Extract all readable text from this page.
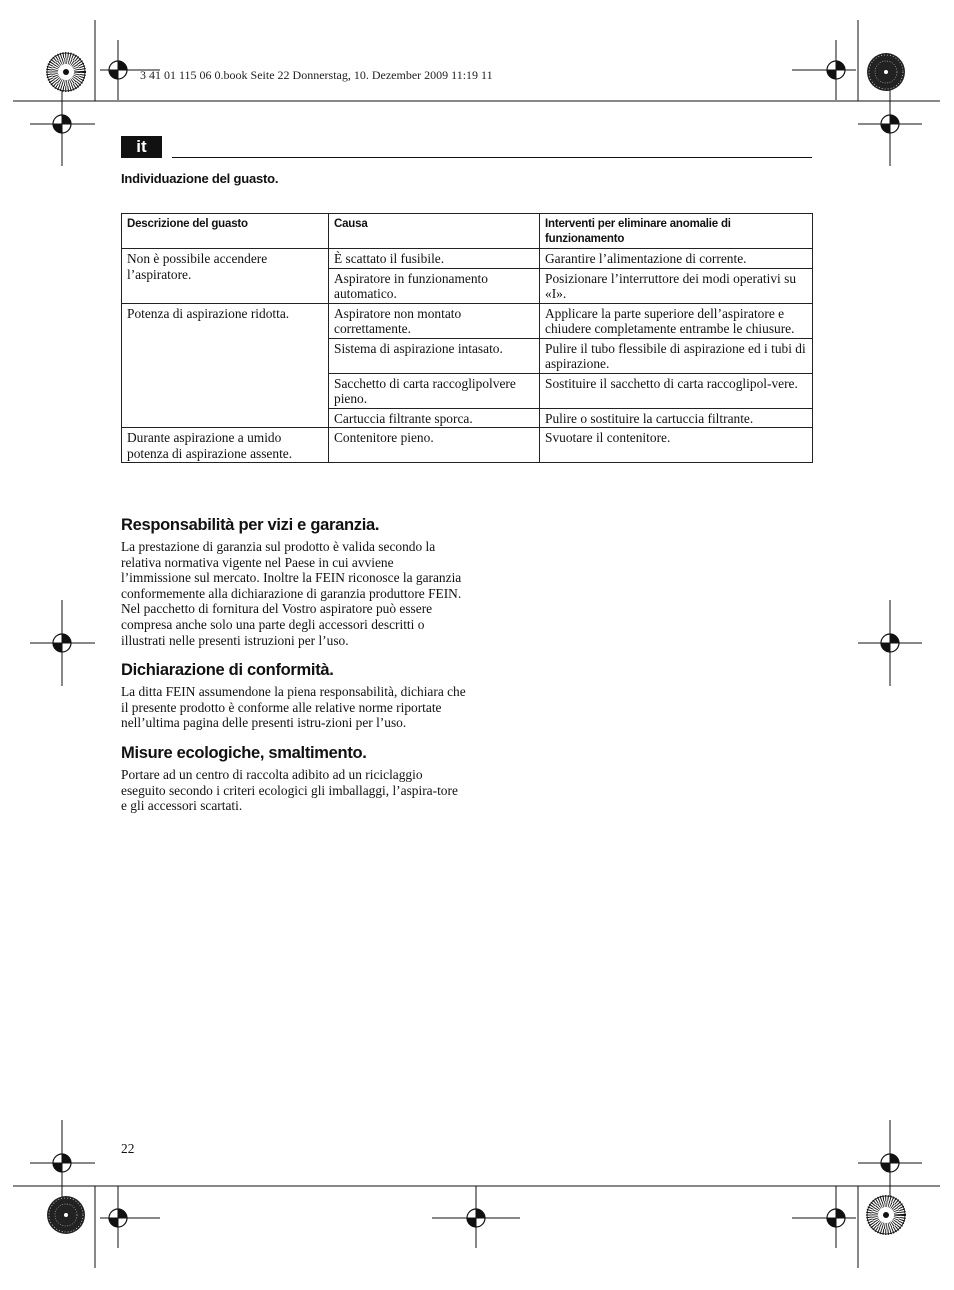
3 41 01 115 06 0.book Seite 22 Donnerstag, 10. Dezember 2009 11:19 11
it
Individuazione del guasto.
Descrizione del guasto	Causa	Interventi per eliminare anomalie di funzionamento
Non è possibile accendere l’aspiratore.	È scattato il fusibile.	Garantire l’alimentazione di corrente.
	Aspiratore in funzionamento automatico.	Posizionare l’interruttore dei modi operativi su «I».
Potenza di aspirazione ridotta.	Aspiratore non montato correttamente.	Applicare la parte superiore dell’aspiratore e chiudere completamente entrambe le chiusure.
	Sistema di aspirazione intasato.	Pulire il tubo flessibile di aspirazione ed i tubi di aspirazione.
	Sacchetto di carta raccoglipolvere pieno.	Sostituire il sacchetto di carta raccoglipol-vere.
	Cartuccia filtrante sporca.	Pulire o sostituire la cartuccia filtrante.
Durante aspirazione a umido potenza di aspirazione assente.	Contenitore pieno.	Svuotare il contenitore.
Responsabilità per vizi e garanzia.

La prestazione di garanzia sul prodotto è valida secondo la relativa normativa vigente nel Paese in cui avviene l’immissione sul mercato. Inoltre la FEIN riconosce la garanzia conformemente alla dichiarazione di garanzia produttore FEIN.

Nel pacchetto di fornitura del Vostro aspiratore può essere compresa anche solo una parte degli accessori descritti o illustrati nelle presenti istruzioni per l’uso.

Dichiarazione di conformità.

La ditta FEIN assumendone la piena responsabilità, dichiara che il presente prodotto è conforme alle relative norme riportate nell’ultima pagina delle presenti istru-zioni per l’uso.

Misure ecologiche, smaltimento.

Portare ad un centro di raccolta adibito ad un riciclaggio eseguito secondo i criteri ecologici gli imballaggi, l’aspira-tore e gli accessori scartati.

22
